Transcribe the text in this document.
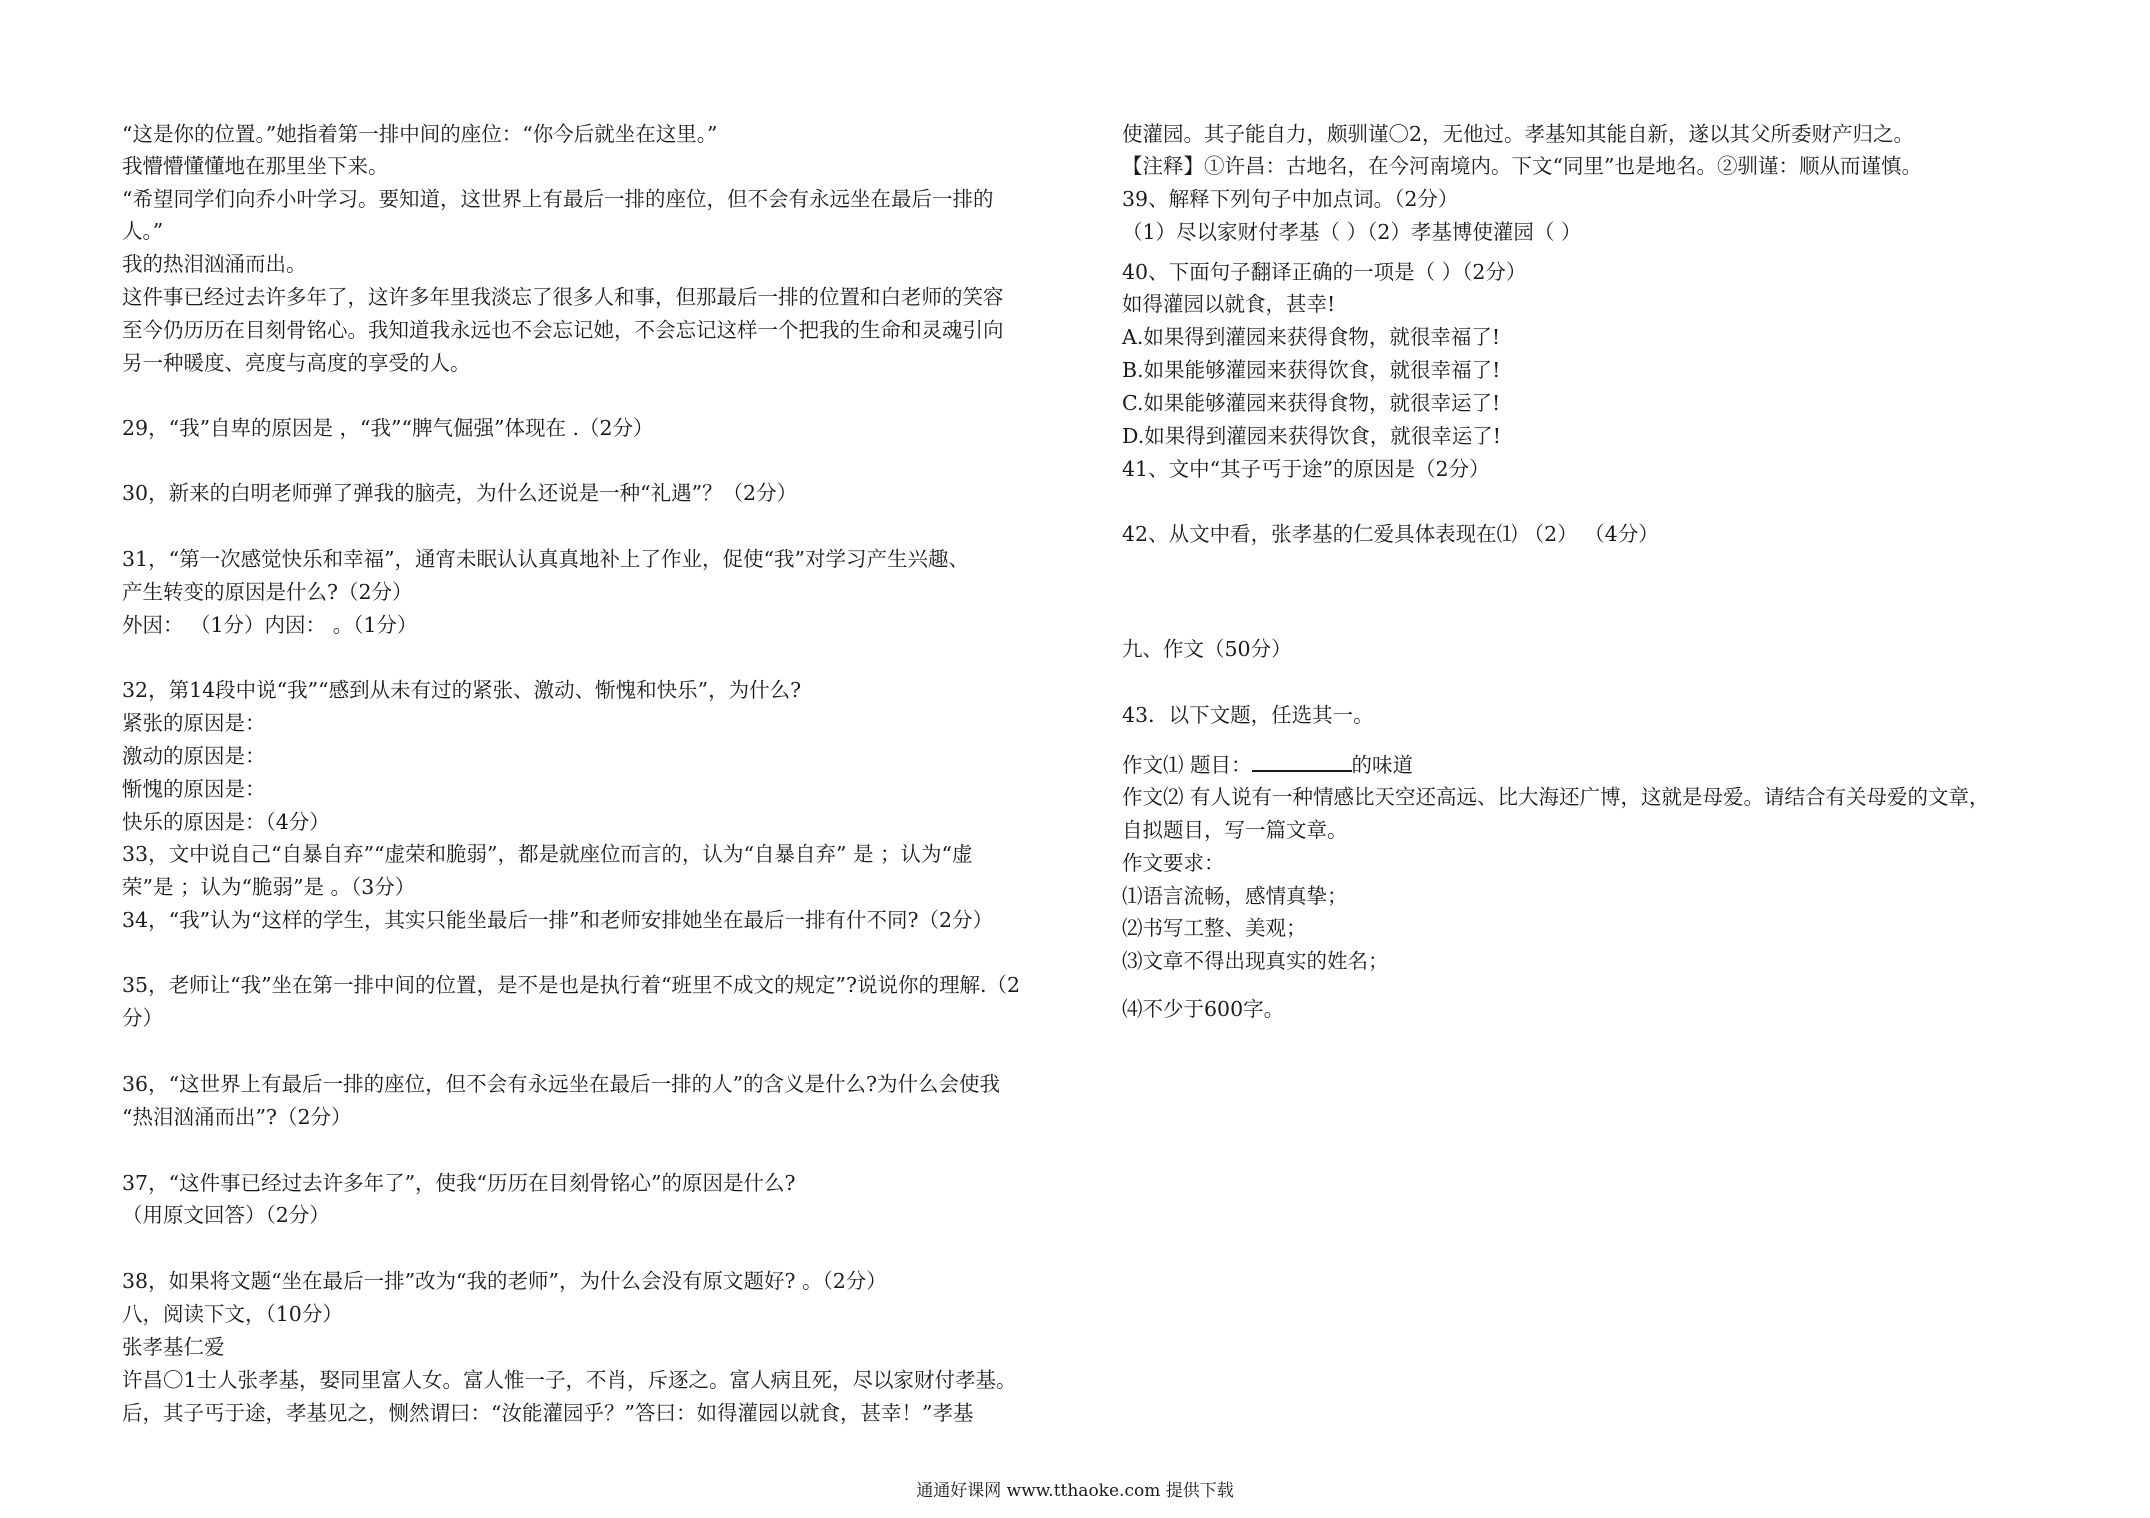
“这是你的位置。”她指着第一排中间的座位：“你今后就坐在这里。”
我懵懵懂懂地在那里坐下来。
“希望同学们向乔小叶学习。要知道，这世界上有最后一排的座位，但不会有永远坐在最后一排的
人。”
我的热泪汹涌而出。
这件事已经过去许多年了，这许多年里我淡忘了很多人和事，但那最后一排的位置和白老师的笑容
至今仍历历在目刻骨铭心。我知道我永远也不会忘记她，不会忘记这样一个把我的生命和灵魂引向
另一种暖度、亮度与高度的享受的人。
29，“我”自卑的原因是 ，“我”“脾气倔强”体现在 .（2分）
30，新来的白明老师弹了弹我的脑壳，为什么还说是一种“礼遇”？（2分）
31，“第一次感觉快乐和幸福”，通宵未眠认认真真地补上了作业，促使“我”对学习产生兴趣、
产生转变的原因是什么?（2分）
外因： （1分）内因： 。（1分）
32，第14段中说“我”“感到从未有过的紧张、激动、惭愧和快乐”，为什么?
紧张的原因是：
激动的原因是：
惭愧的原因是：
快乐的原因是：（4分）
33，文中说自己“自暴自弃”“虚荣和脆弱”，都是就座位而言的，认为“自暴自弃” 是 ；认为“虚
荣”是 ；认为“脆弱”是 。（3分）
34，“我”认为“这样的学生，其实只能坐最后一排”和老师安排她坐在最后一排有什不同?（2分）
35，老师让“我”坐在第一排中间的位置，是不是也是执行着“班里不成文的规定”?说说你的理解.（2
分）
36，“这世界上有最后一排的座位，但不会有永远坐在最后一排的人”的含义是什么?为什么会使我
“热泪汹涌而出”?（2分）
37，“这件事已经过去许多年了”，使我“历历在目刻骨铭心”的原因是什么?
（用原文回答）（2分）
38，如果将文题“坐在最后一排”改为“我的老师”，为什么会没有原文题好? 。（2分）
八，阅读下文，（10分）
张孝基仁爱
许昌〇1士人张孝基，娶同里富人女。富人惟一子，不肖，斥逐之。富人病且死，尽以家财付孝基。
后，其子丐于途，孝基见之，恻然谓曰：“汝能灌园乎？”答曰：如得灌园以就食，甚幸！”孝基
使灌园。其子能自力，颇驯谨〇2，无他过。孝基知其能自新，遂以其父所委财产归之。
【注释】①许昌：古地名，在今河南境内。下文“同里”也是地名。②驯谨：顺从而谨慎。
39、解释下列句子中加点词。（2分）
（1）尽以家财付孝基（ ）（2）孝基博使灌园（ ）
40、下面句子翻译正确的一项是（ ）（2分）
如得灌园以就食，甚幸!
A.如果得到灌园来获得食物，就很幸福了!
B.如果能够灌园来获得饮食，就很幸福了!
C.如果能够灌园来获得食物，就很幸运了!
D.如果得到灌园来获得饮食，就很幸运了!
41、文中“其子丐于途”的原因是（2分）
42、从文中看，张孝基的仁爱具体表现在⑴ （2） （4分）
九、作文（50分）
43．以下文题，任选其一。
作文⑴ 题目：	的味道
作文⑵ 有人说有一种情感比天空还高远、比大海还广博，这就是母爱。请结合有关母爱的文章，
自拟题目，写一篇文章。
作文要求：
⑴语言流畅，感情真挚；
⑵书写工整、美观；
⑶文章不得出现真实的姓名；
⑷不少于600字。
通通好课网 www.tthaoke.com 提供下载
